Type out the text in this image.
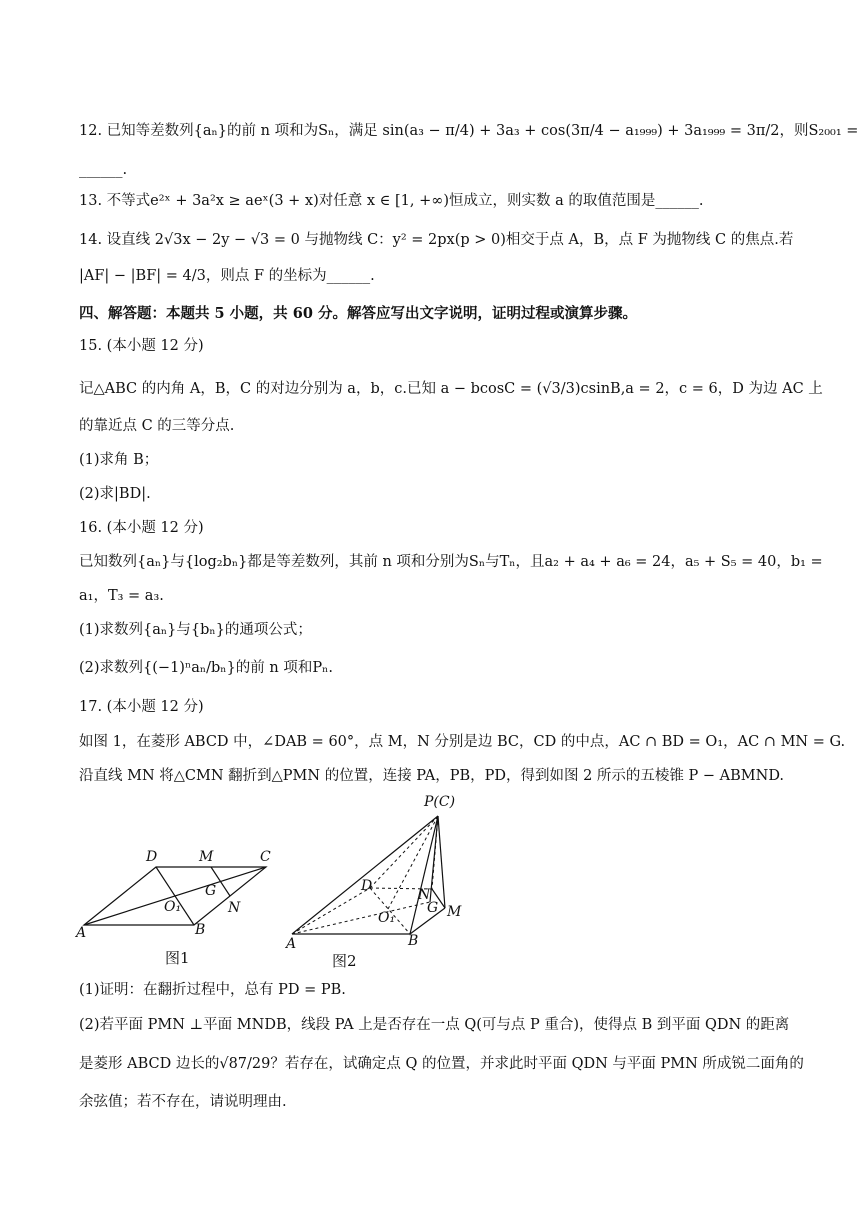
12. 已知等差数列{aₙ}的前 n 项和为Sₙ，满足 sin(a₃ − π/4) + 3a₃ + cos(3π/4 − a₁₉₉₉) + 3a₁₉₉₉ = 3π/2，则S₂₀₀₁ =
______.
13. 不等式e²ˣ + 3a²x ≥ aeˣ(3 + x)对任意 x ∈ [1, +∞)恒成立，则实数 a 的取值范围是______.
14. 设直线 2√3x − 2y − √3 = 0 与抛物线 C：y² = 2px(p > 0)相交于点 A，B，点 F 为抛物线 C 的焦点.若
|AF| − |BF| = 4/3，则点 F 的坐标为______.
四、解答题：本题共 5 小题，共 60 分。解答应写出文字说明，证明过程或演算步骤。
15. (本小题 12 分)
记△ABC 的内角 A，B，C 的对边分别为 a，b，c.已知 a − bcosC = (√3/3)csinB,a = 2，c = 6，D 为边 AC 上
的靠近点 C 的三等分点.
(1)求角 B；
(2)求|BD|.
16. (本小题 12 分)
已知数列{aₙ}与{log₂bₙ}都是等差数列，其前 n 项和分别为Sₙ与Tₙ，且a₂ + a₄ + a₆ = 24，a₅ + S₅ = 40，b₁ =
a₁，T₃ = a₃.
(1)求数列{aₙ}与{bₙ}的通项公式；
(2)求数列{(−1)ⁿaₙ/bₙ}的前 n 项和Pₙ.
17. (本小题 12 分)
如图 1，在菱形 ABCD 中，∠DAB = 60°，点 M，N 分别是边 BC，CD 的中点，AC ∩ BD = O₁，AC ∩ MN = G.
沿直线 MN 将△CMN 翻折到△PMN 的位置，连接 PA，PB，PD，得到如图 2 所示的五棱锥 P − ABMND.
D	M	C
G
O₁	N
A	B
图1
P(C)
D
N
G M
O₁
A	B
图2
(1)证明：在翻折过程中，总有 PD = PB.
(2)若平面 PMN ⊥平面 MNDB，线段 PA 上是否存在一点 Q(可与点 P 重合)，使得点 B 到平面 QDN 的距离
是菱形 ABCD 边长的√87/29？若存在，试确定点 Q 的位置，并求此时平面 QDN 与平面 PMN 所成锐二面角的
余弦值；若不存在，请说明理由.
